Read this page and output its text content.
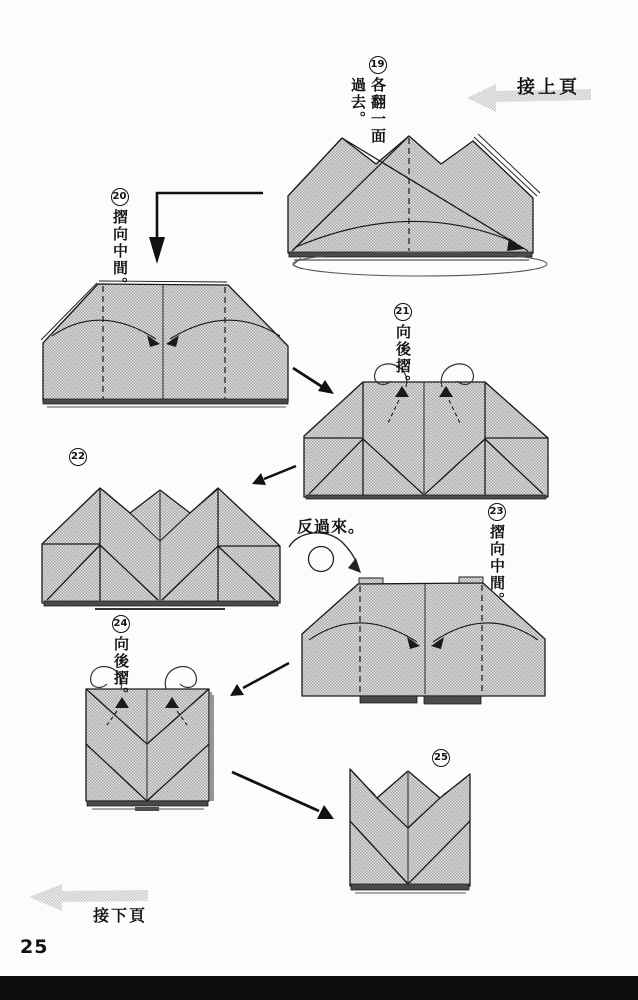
接上頁
19
各翻一面
過去。
20
摺向中間。
21
向後摺。
22
反過來。
23
摺向中間。
24
向後摺。
25
接下頁
25
